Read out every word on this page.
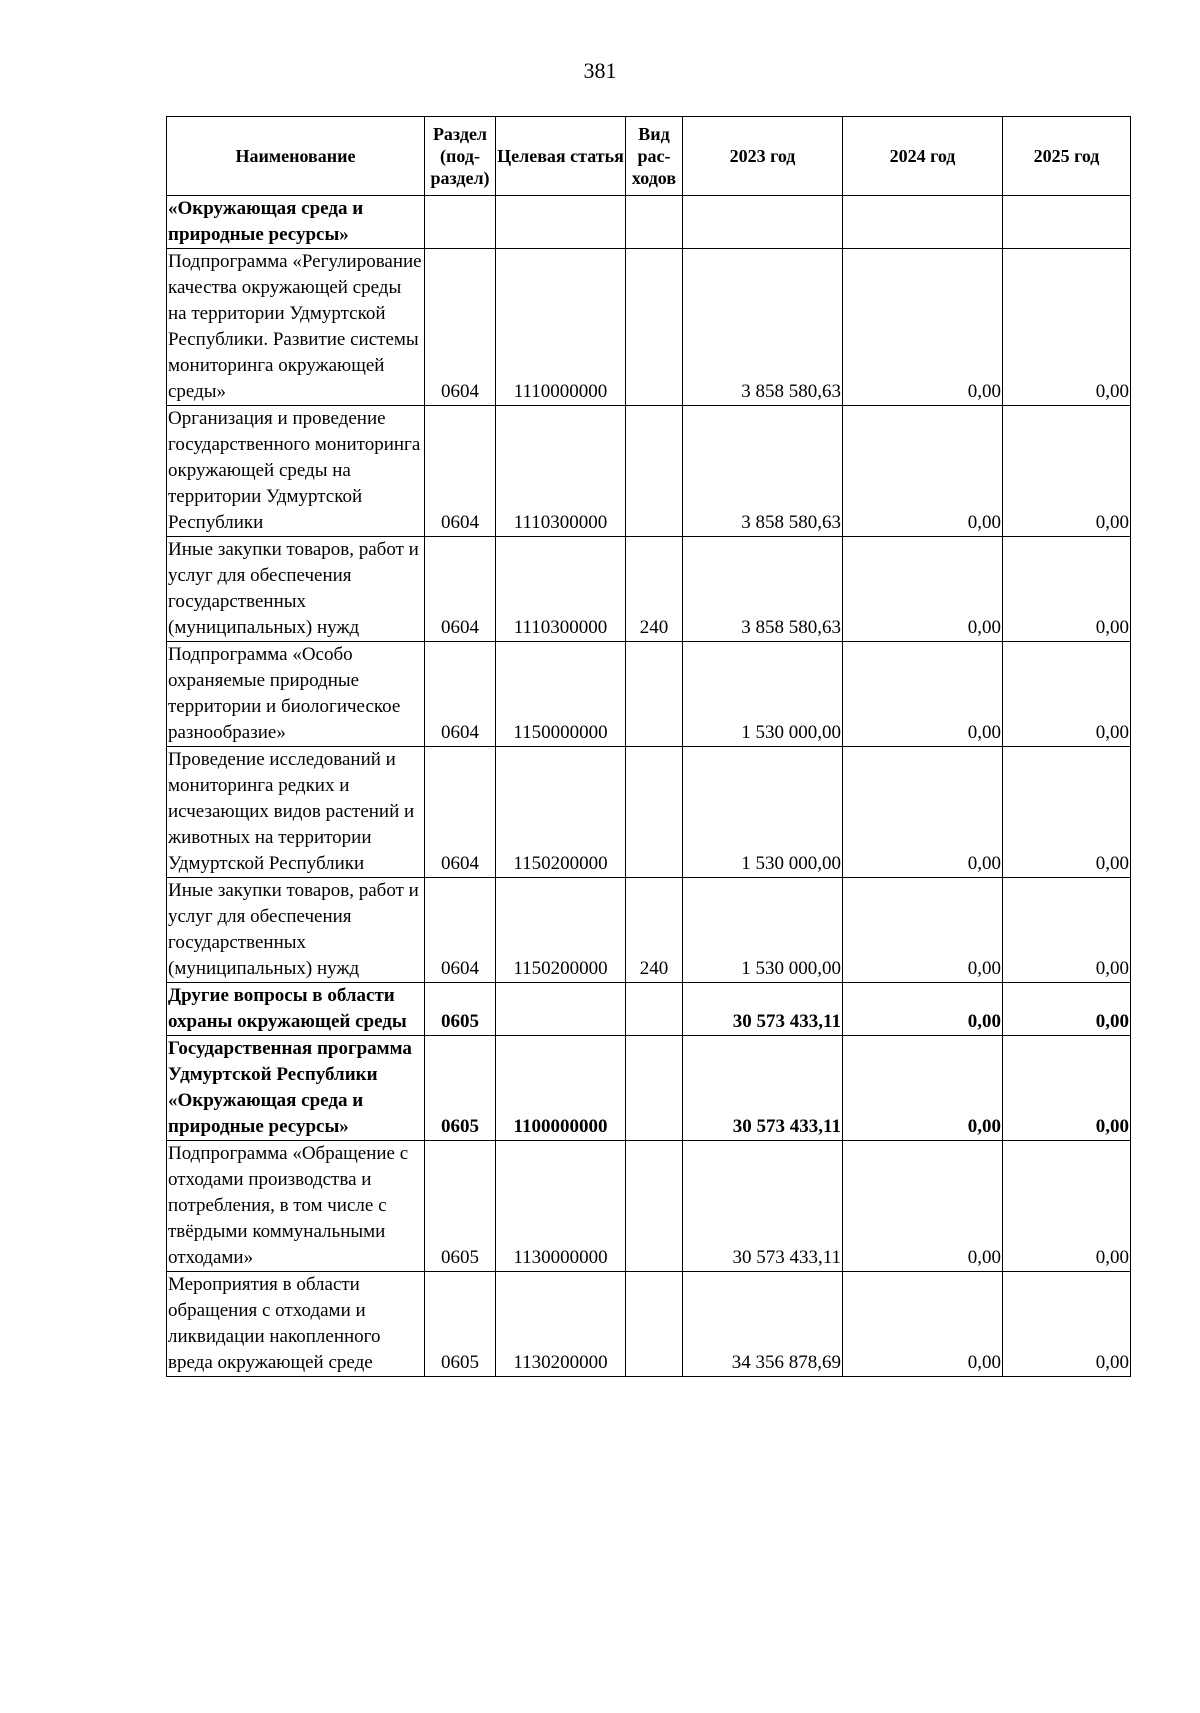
381
Наименование	Раздел (под-раздел)	Целевая статья	Вид рас-ходов	2023 год	2024 год	2025 год
«Окружающая среда и природные ресурсы»						
Подпрограмма «Регулирование качества окружающей среды на территории Удмуртской Республики. Развитие системы мониторинга окружающей среды»	0604	1110000000		3 858 580,63	0,00	0,00
Организация и проведение государственного мониторинга окружающей среды на территории Удмуртской Республики	0604	1110300000		3 858 580,63	0,00	0,00
Иные закупки товаров, работ и услуг для обеспечения государственных (муниципальных) нужд	0604	1110300000	240	3 858 580,63	0,00	0,00
Подпрограмма «Особо охраняемые природные территории и биологическое разнообразие»	0604	1150000000		1 530 000,00	0,00	0,00
Проведение исследований и мониторинга редких и исчезающих видов растений и животных на территории Удмуртской Республики	0604	1150200000		1 530 000,00	0,00	0,00
Иные закупки товаров, работ и услуг для обеспечения государственных (муниципальных) нужд	0604	1150200000	240	1 530 000,00	0,00	0,00
Другие вопросы в области охраны окружающей среды	0605			30 573 433,11	0,00	0,00
Государственная программа Удмуртской Республики «Окружающая среда и природные ресурсы»	0605	1100000000		30 573 433,11	0,00	0,00
Подпрограмма «Обращение с отходами производства и потребления, в том числе с твёрдыми коммунальными отходами»	0605	1130000000		30 573 433,11	0,00	0,00
Мероприятия в области обращения с отходами и ликвидации накопленного вреда окружающей среде	0605	1130200000		34 356 878,69	0,00	0,00
